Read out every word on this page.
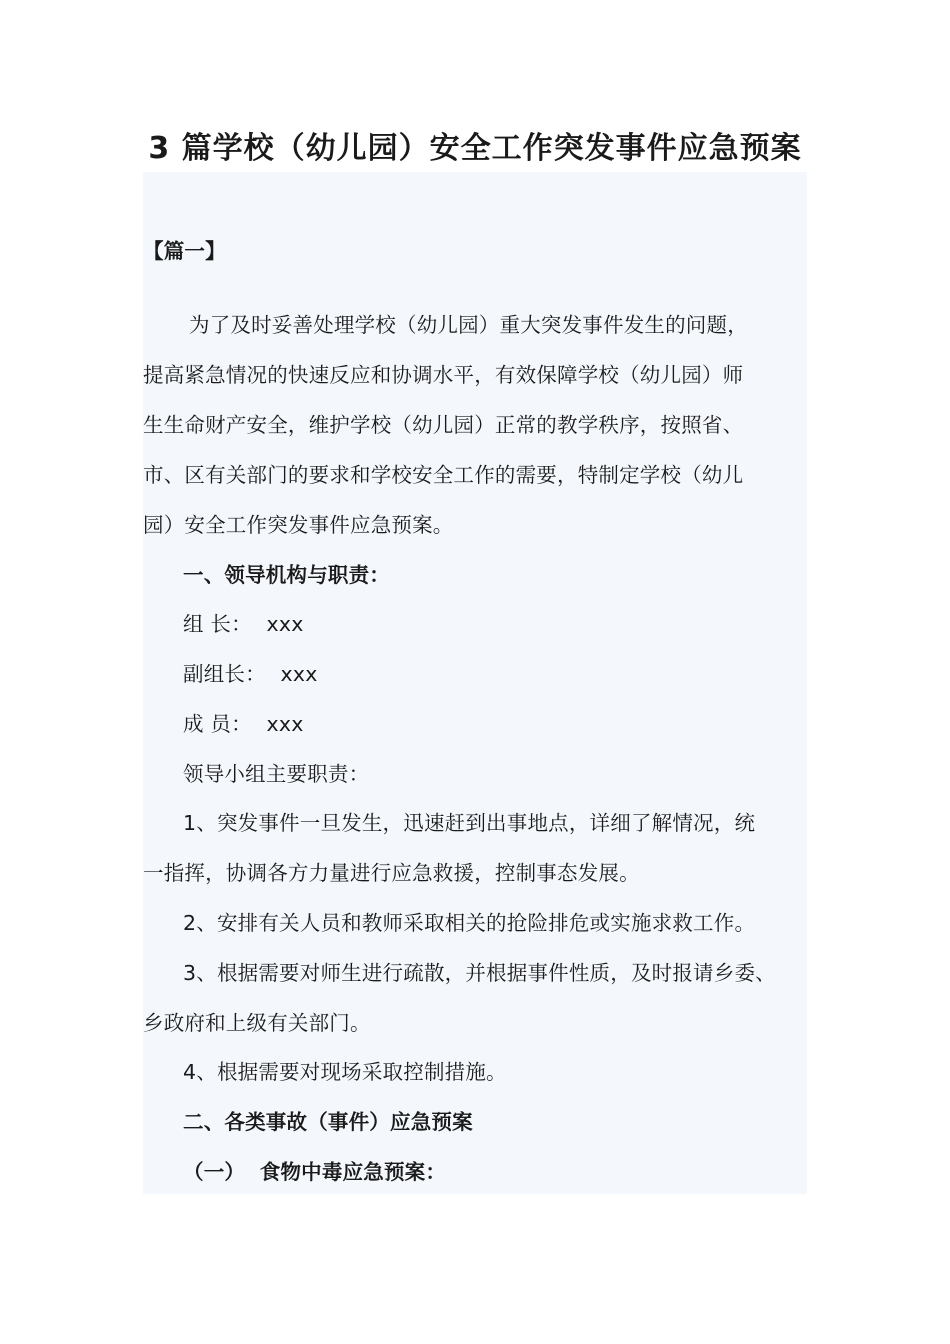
3 篇学校（幼儿园）安全工作突发事件应急预案
【篇一】
为了及时妥善处理学校（幼儿园）重大突发事件发生的问题，
提高紧急情况的快速反应和协调水平，有效保障学校（幼儿园）师
生生命财产安全，维护学校（幼儿园）正常的教学秩序，按照省、
市、区有关部门的要求和学校安全工作的需要，特制定学校（幼儿
园）安全工作突发事件应急预案。
一、领导机构与职责：
组 长： xxx
副组长： xxx
成 员： xxx
领导小组主要职责：
1、突发事件一旦发生，迅速赶到出事地点，详细了解情况，统
一指挥，协调各方力量进行应急救援，控制事态发展。
2、安排有关人员和教师采取相关的抢险排危或实施求救工作。
3、根据需要对师生进行疏散，并根据事件性质，及时报请乡委、
乡政府和上级有关部门。
4、根据需要对现场采取控制措施。
二、各类事故（事件）应急预案
（一）  食物中毒应急预案：
